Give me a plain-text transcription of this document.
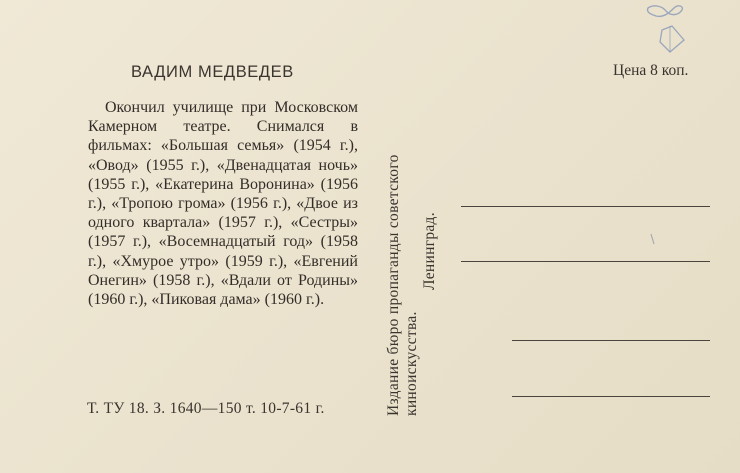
ВАДИМ МЕДВЕДЕВ
Окончил училище при Московском Камерном театре. Снимался в фильмах: «Большая семья» (1954 г.), «Овод» (1955 г.), «Двенадцатая ночь» (1955 г.), «Екатерина Воронина» (1956 г.), «Тропою грома» (1956 г.), «Двое из одного квартала» (1957 г.), «Сестры» (1957 г.), «Восемнадцатый год» (1958 г.), «Хмурое утро» (1959 г.), «Евгений Онегин» (1958 г.), «Вдали от Родины» (1960 г.), «Пиковая дама» (1960 г.).
Т. ТУ 18. З. 1640—150 т. 10-7-61 г.	Издание бюро пропаганды советского киноискусства.
Ленинград.
Цена 8 коп.
